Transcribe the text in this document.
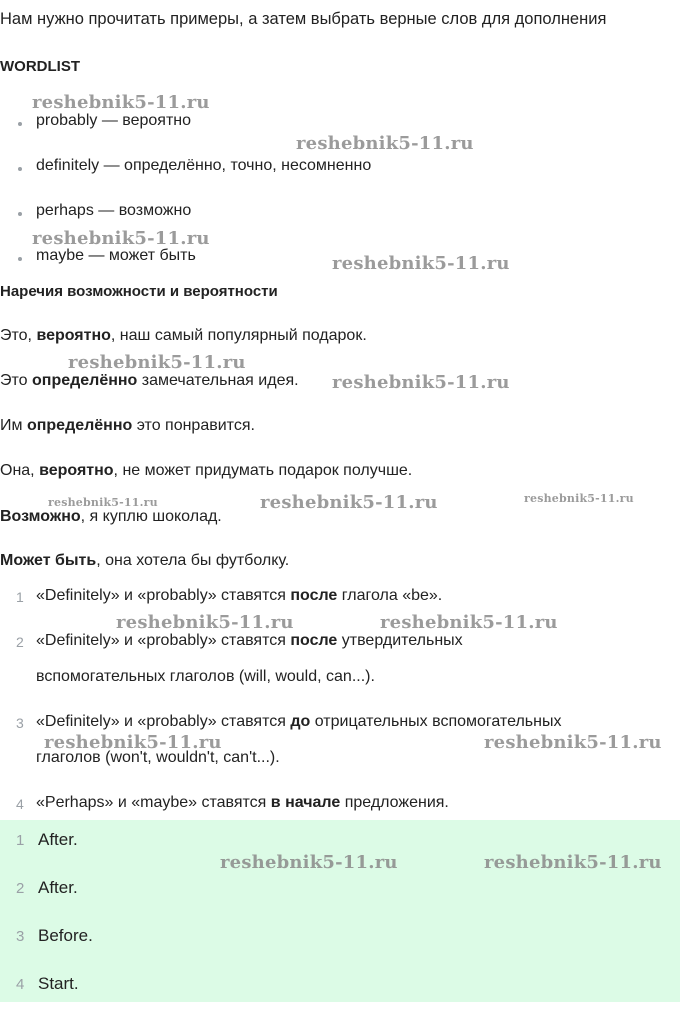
Нам нужно прочитать примеры, а затем выбрать верные слов для дополнения
WORDLIST
probably — вероятно
definitely — определённо, точно, несомненно
perhaps — возможно
maybe — может быть
Наречия возможности и вероятности
Это, вероятно, наш самый популярный подарок.
Это определённо замечательная идея.
Им определённо это понравится.
Она, вероятно, не может придумать подарок получше.
Возможно, я куплю шоколад.
Может быть, она хотела бы футболку.
1 «Definitely» и «probably» ставятся после глагола «be».
2 «Definitely» и «probably» ставятся после утвердительных
вспомогательных глаголов (will, would, can...).
3 «Definitely» и «probably» ставятся до отрицательных вспомогательных
глаголов (won't, wouldn't, can't...).
4 «Perhaps» и «maybe» ставятся в начале предложения.
1 After.
2 After.
3 Before.
4 Start.
reshebnik5-11.ru
reshebnik5-11.ru
reshebnik5-11.ru
reshebnik5-11.ru
reshebnik5-11.ru
reshebnik5-11.ru
reshebnik5-11.ru	reshebnik5-11.ru	reshebnik5-11.ru
reshebnik5-11.ru	reshebnik5-11.ru
reshebnik5-11.ru	reshebnik5-11.ru
reshebnik5-11.ru	reshebnik5-11.ru
